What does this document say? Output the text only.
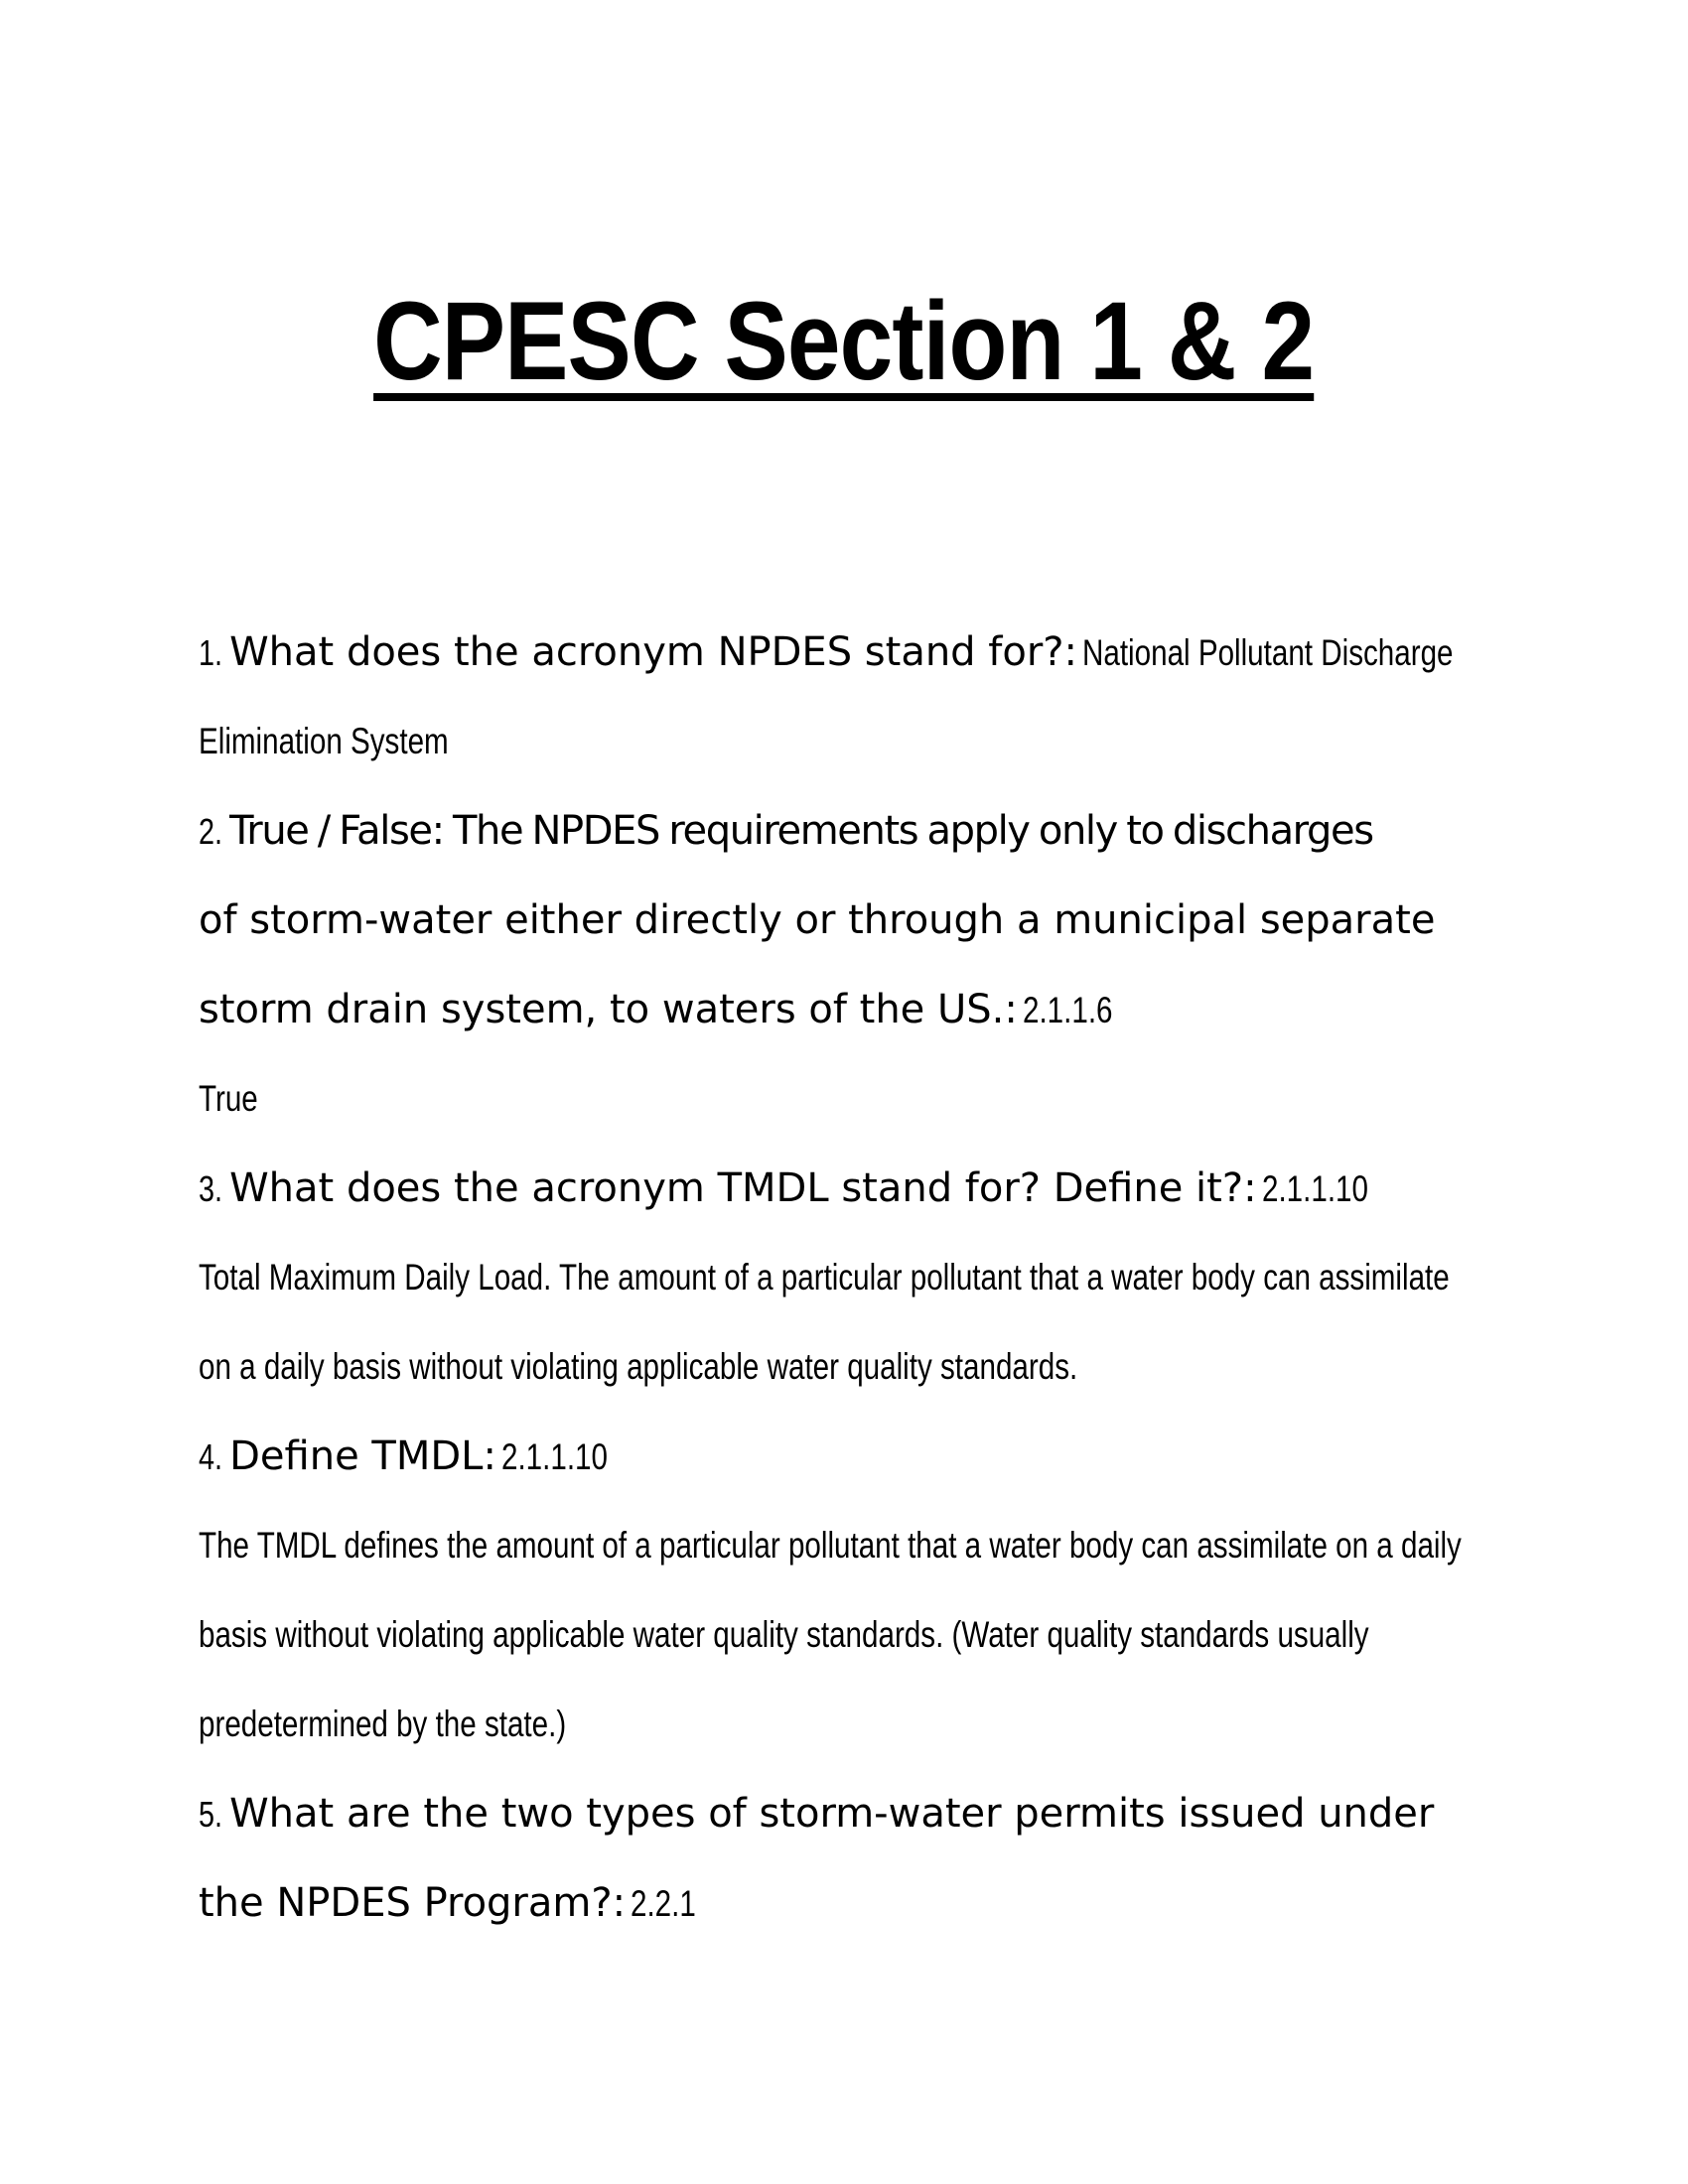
CPESC Section 1 & 2
1. What does the acronym NPDES stand for?: National Pollutant Discharge
Elimination System
2. True / False: The NPDES requirements apply only to discharges
of storm-water either directly or through a municipal separate
storm drain system, to waters of the US.: 2.1.1.6
True
3. What does the acronym TMDL stand for? Define it?: 2.1.1.10
Total Maximum Daily Load. The amount of a particular pollutant that a water body can assimilate
on a daily basis without violating applicable water quality standards.
4. Define TMDL: 2.1.1.10
The TMDL defines the amount of a particular pollutant that a water body can assimilate on a daily
basis without violating applicable water quality standards. (Water quality standards usually
predetermined by the state.)
5. What are the two types of storm-water permits issued under
the NPDES Program?: 2.2.1
